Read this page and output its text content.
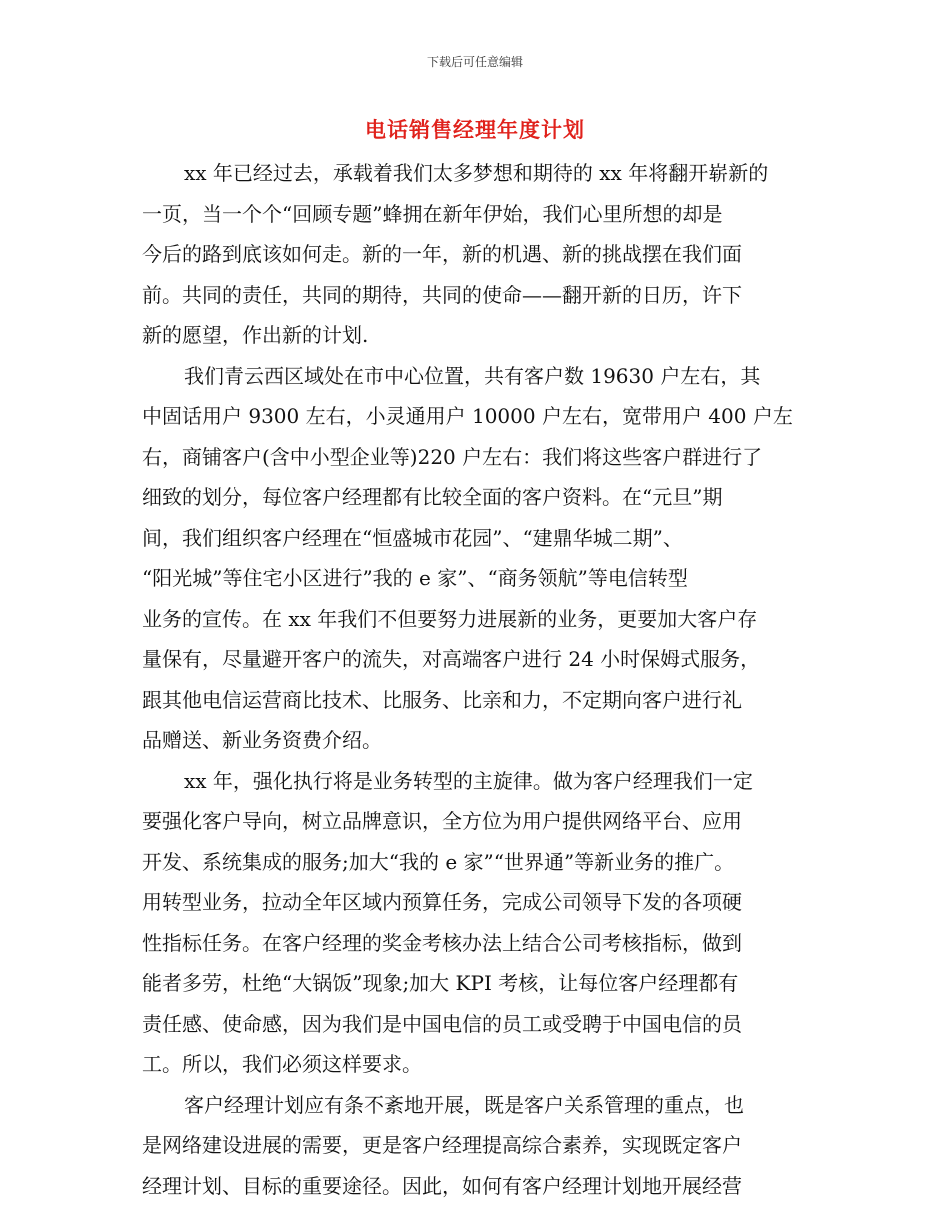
下载后可任意编辑
电话销售经理年度计划
xx 年已经过去，承载着我们太多梦想和期待的 xx 年将翻开崭新的
一页，当一个个“回顾专题”蜂拥在新年伊始，我们心里所想的却是
今后的路到底该如何走。新的一年，新的机遇、新的挑战摆在我们面
前。共同的责任，共同的期待，共同的使命——翻开新的日历，许下
新的愿望，作出新的计划.
我们青云西区域处在市中心位置，共有客户数 19630 户左右，其
中固话用户 9300 左右，小灵通用户 10000 户左右，宽带用户 400 户左
右，商铺客户(含中小型企业等)220 户左右：我们将这些客户群进行了
细致的划分，每位客户经理都有比较全面的客户资料。在“元旦”期
间，我们组织客户经理在“恒盛城市花园”、“建鼎华城二期”、
“阳光城”等住宅小区进行”我的 e 家”、“商务领航”等电信转型
业务的宣传。在 xx 年我们不但要努力进展新的业务，更要加大客户存
量保有，尽量避开客户的流失，对高端客户进行 24 小时保姆式服务，
跟其他电信运营商比技术、比服务、比亲和力，不定期向客户进行礼
品赠送、新业务资费介绍。
xx 年，强化执行将是业务转型的主旋律。做为客户经理我们一定
要强化客户导向，树立品牌意识，全方位为用户提供网络平台、应用
开发、系统集成的服务;加大“我的 e 家”“世界通”等新业务的推广。
用转型业务，拉动全年区域内预算任务，完成公司领导下发的各项硬
性指标任务。在客户经理的奖金考核办法上结合公司考核指标，做到
能者多劳，杜绝“大锅饭”现象;加大 KPI 考核，让每位客户经理都有
责任感、使命感，因为我们是中国电信的员工或受聘于中国电信的员
工。所以，我们必须这样要求。
客户经理计划应有条不紊地开展，既是客户关系管理的重点，也
是网络建设进展的需要，更是客户经理提高综合素养，实现既定客户
经理计划、目标的重要途径。因此，如何有客户经理计划地开展经营
